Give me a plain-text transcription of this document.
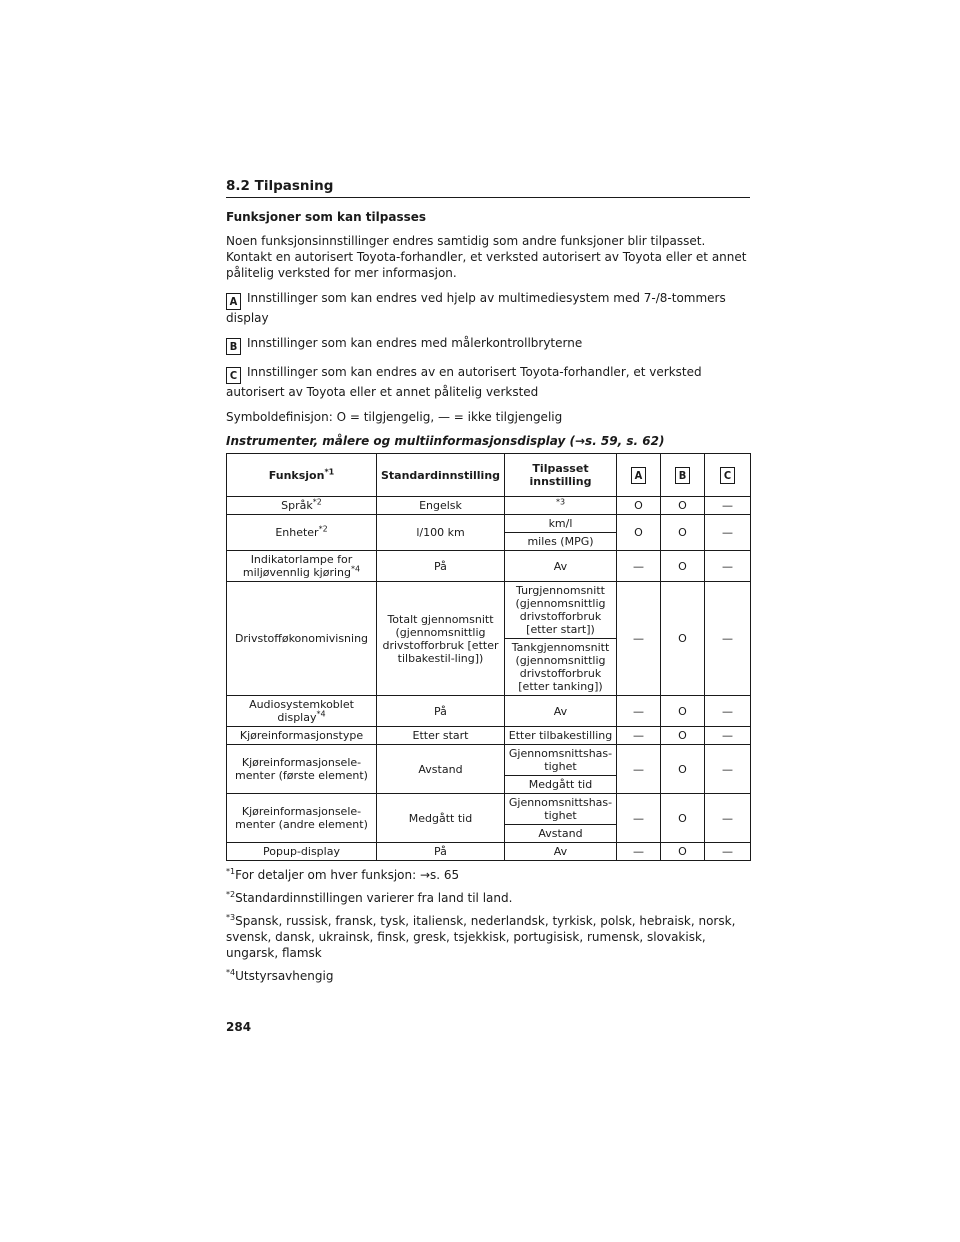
8.2 Tilpasning
Funksjoner som kan tilpasses

Noen funksjonsinnstillinger endres samtidig som andre funksjoner blir tilpasset. Kontakt en autorisert Toyota-forhandler, et verksted autorisert av Toyota eller et annet pålitelig verksted for mer informasjon.

A Innstillinger som kan endres ved hjelp av multimediesystem med 7-/8-tommers display

B Innstillinger som kan endres med målerkontrollbryterne

C Innstillinger som kan endres av en autorisert Toyota-forhandler, et verksted autorisert av Toyota eller et annet pålitelig verksted

Symboldefinisjon: O = tilgjengelig, — = ikke tilgjengelig

Instrumenter, målere og multiinformasjonsdisplay (→s. 59, s. 62)
Funksjon$^{*1}$	Standardinnstilling	Tilpasset innstilling	A	B	C
Språk$^{*2}$	Engelsk	$^{*3}$	O	O	—
Enheter$^{*2}$	l/100 km	km/l	O	O	—
		miles (MPG)			
Indikatorlampe for miljøvennlig kjøring$^{*4}$	På	Av	—	O	—
Drivstofføkonomivisning	Totalt gjennomsnitt (gjennomsnittlig drivstofforbruk [etter tilbakestil-ling])	Turgjennomsnitt (gjennomsnittlig drivstofforbruk [etter start])	—	O	—
		Tankgjennomsnitt (gjennomsnittlig drivstofforbruk [etter tanking])			
Audiosystemkoblet display$^{*4}$	På	Av	—	O	—
Kjøreinformasjonstype	Etter start	Etter tilbakestilling	—	O	—
Kjøreinformasjonsele-menter (første element)	Avstand	Gjennomsnittshas-tighet	—	O	—
		Medgått tid			
Kjøreinformasjonsele-menter (andre element)	Medgått tid	Gjennomsnittshas-tighet	—	O	—
		Avstand			
Popup-display	På	Av	—	O	—

$^{*1}$For detaljer om hver funksjon: →s. 65

$^{*2}$Standardinnstillingen varierer fra land til land.

$^{*3}$Spansk, russisk, fransk, tysk, italiensk, nederlandsk, tyrkisk, polsk, hebraisk, norsk, svensk, dansk, ukrainsk, finsk, gresk, tsjekkisk, portugisisk, rumensk, slovakisk, ungarsk, flamsk

$^{*4}$Utstyrsavhengig

284
